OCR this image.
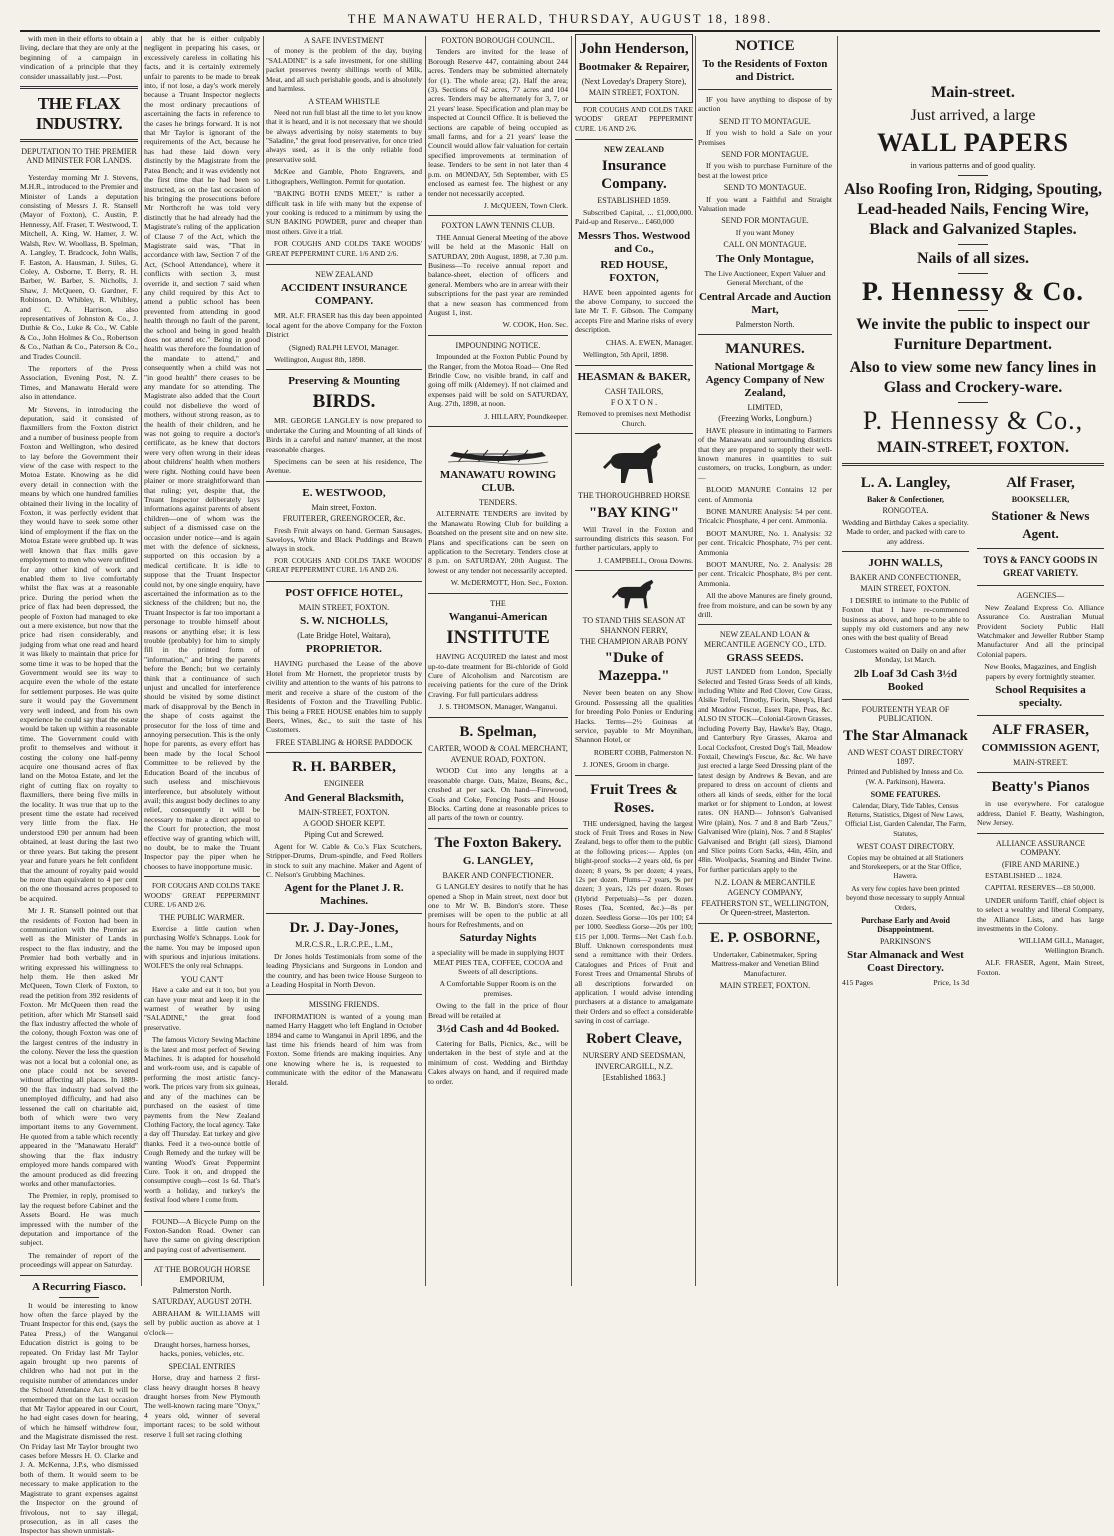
THE MANAWATU HERALD, THURSDAY, AUGUST 18, 1898.

with men in their efforts to obtain a living, declare that they are only at the beginning of a campaign in vindication of a principle that they consider unassailably just.—Post.

THE FLAX INDUSTRY.
DEPUTATION TO THE PREMIER AND MINISTER FOR LANDS.

Yesterday morning Mr J. Stevens, M.H.R., introduced to the Premier and Minister of Lands a deputation consisting of Messrs J. R. Stansell (Mayor of Foxton), C. Austin, P. Hennessy, Alf. Fraser, T. Westwood, T. Mitchell, A. King, W. Hamer, J. W. Walsh, Rev. W. Woollass, B. Spelman, A. Langley, T. Bradcock, John Walls, F. Easton, A. Hausman, J. Stiles, G. Coley, A. Osborne, T. Berry, R. H. Barber, W. Barber, S. Nicholls, J. Shaw, J. McQueen, O. Gardner, F. Robinson, D. Whibley, R. Whibley, and C. A. Harrison, also representatives of Johnston & Co., J. Duthie & Co., Luke & Co., W. Cable & Co., John Holmes & Co., Robertson & Co., Nathan & Co., Paterson & Co., and Trades Council.

The reporters of the Press Association, Evening Post, N. Z. Times, and Manawatu Herald were also in attendance.

Mr Stevens, in introducing the deputation, said it consisted of flaxmillers from the Foxton district and a number of business people from Foxton and Wellington, who desired to lay before the Government their view of the case with respect to the Motoa Estate. Knowing as he did every detail in connection with the means by which one hundred families obtained their living in the locality of Foxton, it was perfectly evident that they would have to seek some other kind of employment if the flax on the Motoa Estate were grubbed up. It was well known that flax mills gave employment to men who were unfitted for any other kind of work and enabled them to live comfortably whilst the flax was at a reasonable price. During the period when the price of flax had been depressed, the people of Foxton had managed to eke out a mere existence, but now that the price had risen considerably, and judging from what one read and heard it was likely to maintain that price for some time it was to be hoped that the Government would see its way to acquire even the whole of the estate for settlement purposes. He was quite sure it would pay the Government very well indeed, and from his own experience he could say that the estate would be taken up within a reasonable time. The Government could with profit to themselves and without it costing the colony one half-penny acquire one thousand acres of flax land on the Motoa Estate, and let the right of cutting flax on royalty to flaxmillers, there being five mills in the locality. It was true that up to the present time the estate had received very little from the flax. He understood £90 per annum had been obtained, at least during the last two or three years. But taking the present year and future years he felt confident that the amount of royalty paid would be more than equivalent to 4 per cent on the one thousand acres proposed to be acquired.

Mr J. R. Stansell pointed out that the residents of Foxton had been in communication with the Premier as well as the Minister of Lands in respect to the flax industry, and the Premier had both verbally and in writing expressed his willingness to help them. He then asked Mr McQueen, Town Clerk of Foxton, to read the petition from 392 residents of Foxton. Mr McQueen then read the petition, after which Mr Stansell said the flax industry affected the whole of the colony, though Foxton was one of the largest centres of the industry in the colony. Never the less the question was not a local but a colonial one, as one place could not be severed without affecting all places. In 1889-90 the flax industry had solved the unemployed difficulty, and had also lessened the call on charitable aid, both of which were two very important items to any Government. He quoted from a table which recently appeared in the "Manawatu Herald" showing that the flax industry employed more hands compared with the amount produced as did freezing works and other manufactories.

The Premier, in reply, promised to lay the request before Cabinet and the Assets Board. He was much impressed with the number of the deputation and importance of the subject.

The remainder of report of the proceedings will appear on Saturday.

A Recurring Fiasco.

It would be interesting to know how often the farce played by the Truant Inspector for this end, (says the Patea Press,) of the Wanganui Education district is going to be repeated. On Friday last Mr Taylor again brought up two parents of children who had not put in the requisite number of attendances under the School Attendance Act. It will be remembered that on the last occasion that Mr Taylor appeared in our Court, he had eight cases down for hearing, of which he himself withdrew four, and the Magistrate dismissed the rest. On Friday last Mr Taylor brought two cases before Messrs H. O. Clarke and J. A. McKenna, J.P.s, who dismissed both of them. It would seem to be necessary to make application to the Magistrate to grant expenses against the Inspector on the ground of frivolous, not to say illegal, prosecution, as in all cases the Inspector has shown unmistak-

ably that he is either culpably negligent in preparing his cases, or excessively careless in collating his facts, and it is certainly extremely unfair to parents to be made to break into, if not lose, a day's work merely because a Truant Inspector neglects the most ordinary precautions of ascertaining the facts in reference to the cases he brings forward. It is not that Mr Taylor is ignorant of the requirements of the Act, because he has had these laid down very distinctly by the Magistrate from the Patea Bench; and it was evidently not the first time that he had been so instructed, as on the last occasion of his bringing the prosecutions before Mr Northcroft he was told very distinctly that he had already had the Magistrate's ruling of the application of Clause 7 of the Act, which the Magistrate said was, "That in accordance with law, Section 7 of the Act, (School Attendance), where it conflicts with section 3, must override it, and section 7 said when any child required by this Act to attend a public school has been prevented from attending in good health through no fault of the parent, the school and being in good health does not attend etc." Being in good health was therefore the foundation of the mandate to attend," and consequently when a child was not "in good health" there ceases to be any mandate for so attending. The Magistrate also added that the Court could not disbelieve the word of mothers, without strong reason, as to the health of their children, and he was not going to require a doctor's certificate, as he knew that doctors were very often wrong in their ideas about childrens' health when mothers were right. Nothing could have been plainer or more straightforward than that ruling; yet, despite that, the Truant Inspector deliberately lays informations against parents of absent children—one of whom was the subject of a dismissed case on the occasion under notice—and is again met with the defence of sickness, supported on this occasion by a medical certificate. It is idle to suppose that the Truant Inspector could not, by one single enquiry, have ascertained the information as to the sickness of the children; but no, the Truant Inspector is far too important a personage to trouble himself about reasons or anything else; it is less trouble (probably) for him to simply fill in the printed form of "information," and bring the parents before the Bench; but we certainly think that a continuance of such unjust and uncalled for interference should be visited by some distinct mark of disapproval by the Bench in the shape of costs against the prosecutor for the loss of time and annoying persecution. This is the only hope for parents, as every effort has been made by the local School Committee to be relieved by the Education Board of the incubus of such useless and mischievous interference, but absolutely without avail; this august body declines to any relief, consequently it will be necessary to make a direct appeal to the Court for protection, the most effective way of granting which will, no doubt, be to make the Truant Inspector pay the piper when he chooses to have inopportune music.

FOR COUGHS AND COLDS TAKE WOODS' GREAT PEPPERMINT CURE. 1/6 AND 2/6.

THE PUBLIC WARMER.

Exercise a little caution when purchasing Wolfe's Schnapps. Look for the name. You may be imposed upon with spurious and injurious imitations. WOLFE'S the only real Schnapps.

YOU CAN'T

Have a cake and eat it too, but you can have your meat and keep it in the warmest of weather by using "SALADINE," the great food preservative.

The famous Victory Sewing Machine is the latest and most perfect of Sewing Machines. It is adapted for household and work-room use, and is capable of performing the most artistic fancy-work. The prices vary from six guineas, and any of the machines can be purchased on the easiest of time payments from the New Zealand Clothing Factory, the local agency. Take a day off Thursday. Eat turkey and give thanks. Feed it a two-ounce bottle of Cough Remedy and the turkey will be wanting Wood's Great Peppermint Cure. Took it on, and dropped the consumptive cough—cost 1s 6d. That's worth a holiday, and turkey's the festival food where I come from.

FOUND—A Bicycle Pump on the Foxton-Sandon Road. Owner can have the same on giving description and paying cost of advertisement.

AT THE BOROUGH HORSE EMPORIUM,
Palmerston North.
SATURDAY, AUGUST 20TH.

ABRAHAM & WILLIAMS will sell by public auction as above at 1 o'clock—

Draught horses, harness horses, hacks, ponies, vehicles, etc.

SPECIAL ENTRIES

Horse, dray and harness 2 first-class heavy draught horses 8 heavy draught horses from New Plymouth The well-known racing mare "Onyx," 4 years old, winner of several important races; to be sold without reserve 1 full set racing clothing

A SAFE INVESTMENT

of money is the problem of the day, buying "SALADINE" is a safe investment, for one shilling packet preserves twenty shillings worth of Milk, Meat, and all such perishable goods, and is absolutely and harmless.

A STEAM WHISTLE

Need not run full blast all the time to let you know that it is heard, and it is not necessary that we should be always advertising by noisy statements to buy "Saladine," the great food preservative, for once tried always used, as it is the only reliable food preservative sold.

McKee and Gamble, Photo Engravers, and Lithographers, Wellington. Permit for quotation.

"BAKING BOTH ENDS MEET," is rather a difficult task in life with many but the expense of your cooking is reduced to a minimum by using the SUN BAKING POWDER, purer and cheaper than most others. Give it a trial.

FOR COUGHS AND COLDS TAKE WOODS' GREAT PEPPERMINT CURE. 1/6 AND 2/6.

NEW ZEALAND
ACCIDENT INSURANCE COMPANY.

MR. ALF. FRASER has this day been appointed local agent for the above Company for the Foxton District

(Signed) RALPH LEVOI, Manager.

Wellington, August 8th, 1898.

Preserving & Mounting
BIRDS.

MR. GEORGE LANGLEY is now prepared to undertake the Curing and Mounting of all kinds of Birds in a careful and nature' manner, at the most reasonable charges.

Specimens can be seen at his residence, The Avenue.

E. WESTWOOD,
Main street, Foxton.
FRUITERER, GREENGROCER, &c.

Fresh Fruit always on hand. German Sausages, Saveloys, White and Black Puddings and Brawn always in stock.

FOR COUGHS AND COLDS TAKE WOODS' GREAT PEPPERMINT CURE. 1/6 AND 2/6.

POST OFFICE HOTEL,
MAIN STREET, FOXTON.
S. W. NICHOLLS,
(Late Bridge Hotel, Waitara),
PROPRIETOR.

HAVING purchased the Lease of the above Hotel from Mr Hornett, the proprietor trusts by civility and attention to the wants of his patrons to merit and receive a share of the custom of the Residents of Foxton and the Travelling Public. This being a FREE HOUSE enables him to supply Beers, Wines, &c., to suit the taste of his Customers.

FREE STABLING & HORSE PADDOCK
R. H. BARBER,
ENGINEER
And General Blacksmith,
MAIN-STREET, FOXTON.
A GOOD SHOER KEPT.
Piping Cut and Screwed.

Agent for W. Cable & Co.'s Flax Scutchers, Stripper-Drums, Drum-spindle, and Feed Rollers in stock to suit any machine. Maker and Agent of C. Nelson's Grubbing Machines.

Agent for the Planet J. R. Machines.
Dr. J. Day-Jones,
M.R.C.S.R., L.R.C.P.E., L.M.,

Dr Jones holds Testimonials from some of the leading Physicians and Surgeons in London and the country, and has been twice House Surgeon to a Leading Hospital in North Devon.

MISSING FRIENDS.

INFORMATION is wanted of a young man named Harry Haggett who left England in October 1894 and came to Wanganui in April 1896, and the last time his friends heard of him was from Foxton. Some friends are making inquiries. Any one knowing where he is, is requested to communicate with the editor of the Manawatu Herald.

FOXTON BOROUGH COUNCIL.

Tenders are invited for the lease of Borough Reserve 447, containing about 244 acres. Tenders may be submitted alternately for (1). The whole area; (2). Half the area; (3). Sections of 62 acres, 77 acres and 104 acres. Tenders may be alternately for 3, 7, or 21 years' lease. Specification and plan may be inspected at Council Office. It is believed the sections are capable of being occupied as small farms, and for a 21 years' lease the Council would allow fair valuation for certain specified improvements at termination of lease. Tenders to be sent in not later than 4 p.m. on MONDAY, 5th September, with £5 enclosed as earnest fee. The highest or any tender not necessarily accepted.

J. McQUEEN, Town Clerk.

FOXTON LAWN TENNIS CLUB.

THE Annual General Meeting of the above will be held at the Masonic Hall on SATURDAY, 20th August, 1898, at 7.30 p.m. Business—To receive annual report and balance-sheet, election of officers and general. Members who are in arrear with their subscriptions for the past year are reminded that a new season has commenced from August 1, inst.

W. COOK, Hon. Sec.

IMPOUNDING NOTICE.

Impounded at the Foxton Public Pound by the Ranger, from the Motoa Road— One Red Brindle Cow, no visible brand, in calf and going off milk (Aldemey). If not claimed and expenses paid will be sold on SATURDAY, Aug. 27th, 1898, at noon.

J. HILLARY, Poundkeeper.

MANAWATU ROWING CLUB.
TENDERS.

ALTERNATE TENDERS are invited by the Manawatu Rowing Club for building a Boatshed on the present site and on new site. Plans and specifications can be seen on application to the Secretary. Tenders close at 8 p.m. on SATURDAY, 20th August. The lowest or any tender not necessarily accepted.

W. McDERMOTT, Hon. Sec., Foxton.

THE
Wanganui-American
INSTITUTE

HAVING ACQUIRED the latest and most up-to-date treatment for Bi-chloride of Gold Cure of Alcoholism and Narcotism are receiving patients for the cure of the Drink Craving. For full particulars address

J. S. THOMSON, Manager, Wanganui.

B. Spelman,
CARTER, WOOD & COAL MERCHANT,
AVENUE ROAD, FOXTON.

WOOD Cut into any lengths at a reasonable charge. Oats, Maize, Beans, &c., crushed at per sack. On hand—Firewood, Coals and Coke, Fencing Posts and House Blocks. Carting done at reasonable prices to all parts of the town or country.

The Foxton Bakery.
G. LANGLEY,
BAKER AND CONFECTIONER.

G LANGLEY desires to notify that he has opened a Shop in Main street, next door but one to Mr W. B. Bindon's store. These premises will be open to the public at all hours for Refreshments, and on

Saturday Nights

a speciality will be made in supplying HOT MEAT PIES TEA, COFFEE, COCOA and Sweets of all descriptions.

A Comfortable Supper Room is on the premises.

Owing to the fall in the price of flour Bread will be retailed at

3½d Cash and 4d Booked.

Catering for Balls, Picnics, &c., will be undertaken in the best of style and at the minimum of cost. Wedding and Birthday Cakes always on hand, and if required made to order.

John Henderson,
Bootmaker & Repairer,
(Next Loveday's Drapery Store),
MAIN STREET, FOXTON.

FOR COUGHS AND COLDS TAKE WOODS' GREAT PEPPERMINT CURE. 1/6 AND 2/6.

NEW ZEALAND
Insurance Company.
ESTABLISHED 1859.

Subscribed Capital, ... £1,000,000. Paid-up and Reserve... £460,000

Messrs Thos. Westwood and Co.,
RED HOUSE, FOXTON,

HAVE been appointed agents for the above Company, to succeed the late Mr T. F. Gibson. The Company accepts Fire and Marine risks of every description.

CHAS. A. EWEN, Manager.

Wellington, 5th April, 1898.

HEASMAN & BAKER,
CASH TAILORS,
F O X T O N .

Removed to premises next Methodist Church.

THE THOROUGHBRED HORSE
"BAY KING"

Will Travel in the Foxton and surrounding districts this season. For further particulars, apply to

J. CAMPBELL, Oroua Downs.

TO STAND THIS SEASON AT SHANNON FERRY,
THE CHAMPION ARAB PONY
"Duke of Mazeppa."

Never been beaten on any Show Ground. Possessing all the qualities for breeding Polo Ponies or Enduring Hacks. Terms—2½ Guineas at service, payable to Mr Moynihan, Shannon Hotel, or

ROBERT COBB, Palmerston N.

J. JONES, Groom in charge.

Fruit Trees & Roses.

THE undersigned, having the largest stock of Fruit Trees and Roses in New Zealand, begs to offer them to the public at the following prices:— Apples (on blight-proof stocks—2 years old, 6s per dozen; 8 years, 9s per dozen; 4 years, 12s per dozen. Plums—2 years, 9s per dozen; 3 years, 12s per dozen. Roses (Hybrid Perpetuals)—5s per dozen. Roses (Tea, Scented, &c.)—8s per dozen. Seedless Gorse—10s per 100; £4 per 1000. Seedless Gorse—20s per 100; £15 per 1,000. Terms—Net Cash f.o.b. Bluff. Unknown correspondents must send a remittance with their Orders. Catalogues and Prices of Fruit and Forest Trees and Ornamental Shrubs of all descriptions forwarded on application. I would advise intending purchasers at a distance to amalgamate their Orders and so effect a considerable saving in cost of carriage.

Robert Cleave,
NURSERY AND SEEDSMAN,
INVERCARGILL, N.Z.
[Established 1863.]
NOTICE
To the Residents of Foxton and District.

IF you have anything to dispose of by auction

SEND IT TO MONTAGUE.

If you wish to hold a Sale on your Premises

SEND FOR MONTAGUE.

If you wish to purchase Furniture of the best at the lowest price

SEND TO MONTAGUE.

If you want a Faithful and Straight Valuation made

SEND FOR MONTAGUE.

If you want Money

CALL ON MONTAGUE.
The Only Montague,

The Live Auctioneer, Expert Valuer and General Merchant, of the

Central Arcade and Auction Mart,
Palmerston North.
MANURES.
National Mortgage & Agency Company of New Zealand,
LIMITED,
(Freezing Works, Longburn.)

HAVE pleasure in intimating to Farmers of the Manawatu and surrounding districts that they are prepared to supply their well-known manures in quantities to suit customers, on trucks, Longburn, as under:—

BLOOD MANURE Contains 12 per cent. of Ammonia

BONE MANURE Analysis: 54 per cent. Tricalcic Phosphate, 4 per cent. Ammonia.

BOOT MANURE, No. 1. Analysis: 32 per cent. Tricalcic Phosphate, 7½ per cent. Ammonia

BOOT MANURE, No. 2. Analysis: 28 per cent. Tricalcic Phosphate, 8½ per cent. Ammonia.

All the above Manures are finely ground, free from moisture, and can be sown by any drill.

NEW ZEALAND LOAN & MERCANTILE AGENCY CO., LTD.
GRASS SEEDS.

JUST LANDED from London, Specially Selected and Tested Grass Seeds of all kinds, including White and Red Clover, Cow Grass, Alsike Trefoil, Timothy, Fiorin, Sheep's, Hard and Meadow Fescue, Essex Rape, Peas, &c. ALSO IN STOCK—Colonial-Grown Grasses, including Poverty Bay, Hawke's Bay, Otago, and Canterbury Rye Grasses, Akaroa and Local Cocksfoot, Crested Dog's Tail, Meadow Foxtail, Chewing's Fescue, &c. &c. We have just erected a large Seed Dressing plant of the latest design by Andrews & Bevan, and are prepared to dress on account of clients and others all kinds of seeds, either for the local market or for shipment to London, at lowest rates. ON HAND— Johnson's Galvanised Wire (plain), Nos. 7 and 8 and Barb "Zeus," Galvanised Wire (plain), Nos. 7 and 8 Staples' Galvanised and Bright (all sizes), Diamond and Slice points Corn Sacks, 44in, 45in, and 48in. Woolpacks, Seaming and Binder Twine. For further particulars apply to the

N.Z. LOAN & MERCANTILE AGENCY COMPANY,
FEATHERSTON ST., WELLINGTON, Or Queen-street, Masterton.
E. P. OSBORNE,

Undertaker, Cabinetmaker, Spring Mattress-maker and Venetian Blind Manufacturer.

MAIN STREET, FOXTON.
Main-street.
Just arrived, a large
WALL PAPERS
in various patterns and of good quality.
Also Roofing Iron, Ridging, Spouting, Lead-headed Nails, Fencing Wire, Black and Galvanized Staples.
Nails of all sizes.
P. Hennessy & Co.
We invite the public to inspect our Furniture Department.
Also to view some new fancy lines in Glass and Crockery-ware.
P. Hennessy & Co.,
MAIN-STREET, FOXTON.
L. A. Langley,
Baker & Confectioner,
RONGOTEA.

Wedding and Birthday Cakes a speciality. Made to order, and packed with care to any address.

JOHN WALLS,
BAKER AND CONFECTIONER,
MAIN STREET, FOXTON.

I DESIRE to intimate to the Public of Foxton that I have re-commenced business as above, and hope to be able to supply my old customers and any new ones with the best quality of Bread

Customers waited on Daily on and after Monday, 1st March.

2lb Loaf 3d Cash 3½d Booked
FOURTEENTH YEAR OF PUBLICATION.
The Star Almanack
AND WEST COAST DIRECTORY 1897.

Printed and Published by Inness and Co. (W. A. Parkinson), Hawera.

SOME FEATURES.

Calendar, Diary, Tide Tables, Census Returns, Statistics, Digest of New Laws, Official List, Garden Calendar, The Farm, Statutes,

WEST COAST DIRECTORY.

Copies may be obtained at all Stationers and Storekeepers, or at the Star Office, Hawera.

As very few copies have been printed beyond those necessary to supply Annual Orders,

Purchase Early and Avoid Disappointment.
PARKINSON'S
Star Almanack and West Coast Directory.
415 Pages	Price, 1s 3d
Alf Fraser,
BOOKSELLER,
Stationer & News Agent.
TOYS & FANCY GOODS IN GREAT VARIETY.
AGENCIES—

New Zealand Express Co. Alliance Assurance Co. Australian Mutual Provident Society Public Hall Watchmaker and Jeweller Rubber Stamp Manufacturer And all the principal Colonial papers.

New Books, Magazines, and English papers by every fortnightly steamer.

School Requisites a specialty.
ALF FRASER,
COMMISSION AGENT,
MAIN-STREET.
Beatty's Pianos

in use everywhere. For catalogue address, Daniel F. Beatty, Washington, New Jersey.

ALLIANCE ASSURANCE COMPANY.
(FIRE AND MARINE.)

ESTABLISHED ... 1824.

CAPITAL RESERVES—£8 50,000.

UNDER uniform Tariff, chief object is to select a wealthy and liberal Company, the Alliance Lists, and has large investments in the Colony.

WILLIAM GILL, Manager, Wellington Branch.

ALF. FRASER, Agent, Main Street, Foxton.
